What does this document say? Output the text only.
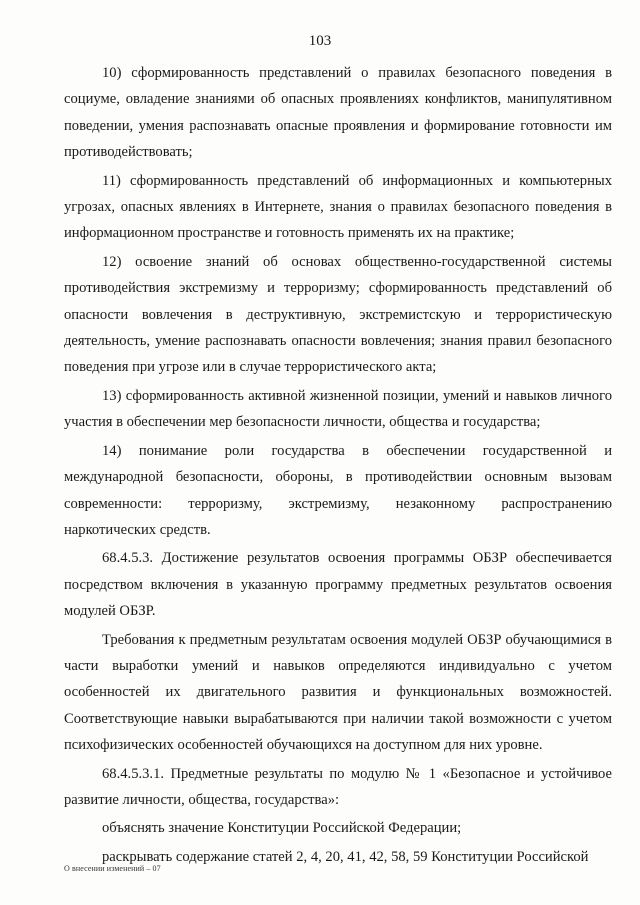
103

10) сформированность представлений о правилах безопасного поведения в социуме, овладение знаниями об опасных проявлениях конфликтов, манипулятивном поведении, умения распознавать опасные проявления и формирование готовности им противодействовать;

11) сформированность представлений об информационных и компьютерных угрозах, опасных явлениях в Интернете, знания о правилах безопасного поведения в информационном пространстве и готовность применять их на практике;

12) освоение знаний об основах общественно-государственной системы противодействия экстремизму и терроризму; сформированность представлений об опасности вовлечения в деструктивную, экстремистскую и террористическую деятельность, умение распознавать опасности вовлечения; знания правил безопасного поведения при угрозе или в случае террористического акта;

13) сформированность активной жизненной позиции, умений и навыков личного участия в обеспечении мер безопасности личности, общества и государства;

14) понимание роли государства в обеспечении государственной и международной безопасности, обороны, в противодействии основным вызовам современности: терроризму, экстремизму, незаконному распространению наркотических средств.

68.4.5.3. Достижение результатов освоения программы ОБЗР обеспечивается посредством включения в указанную программу предметных результатов освоения модулей ОБЗР.

Требования к предметным результатам освоения модулей ОБЗР обучающимися в части выработки умений и навыков определяются индивидуально с учетом особенностей их двигательного развития и функциональных возможностей. Соответствующие навыки вырабатываются при наличии такой возможности с учетом психофизических особенностей обучающихся на доступном для них уровне.

68.4.5.3.1. Предметные результаты по модулю № 1 «Безопасное и устойчивое развитие личности, общества, государства»:

объяснять значение Конституции Российской Федерации;

раскрывать содержание статей 2, 4, 20, 41, 42, 58, 59 Конституции Российской

О внесении изменений – 07
